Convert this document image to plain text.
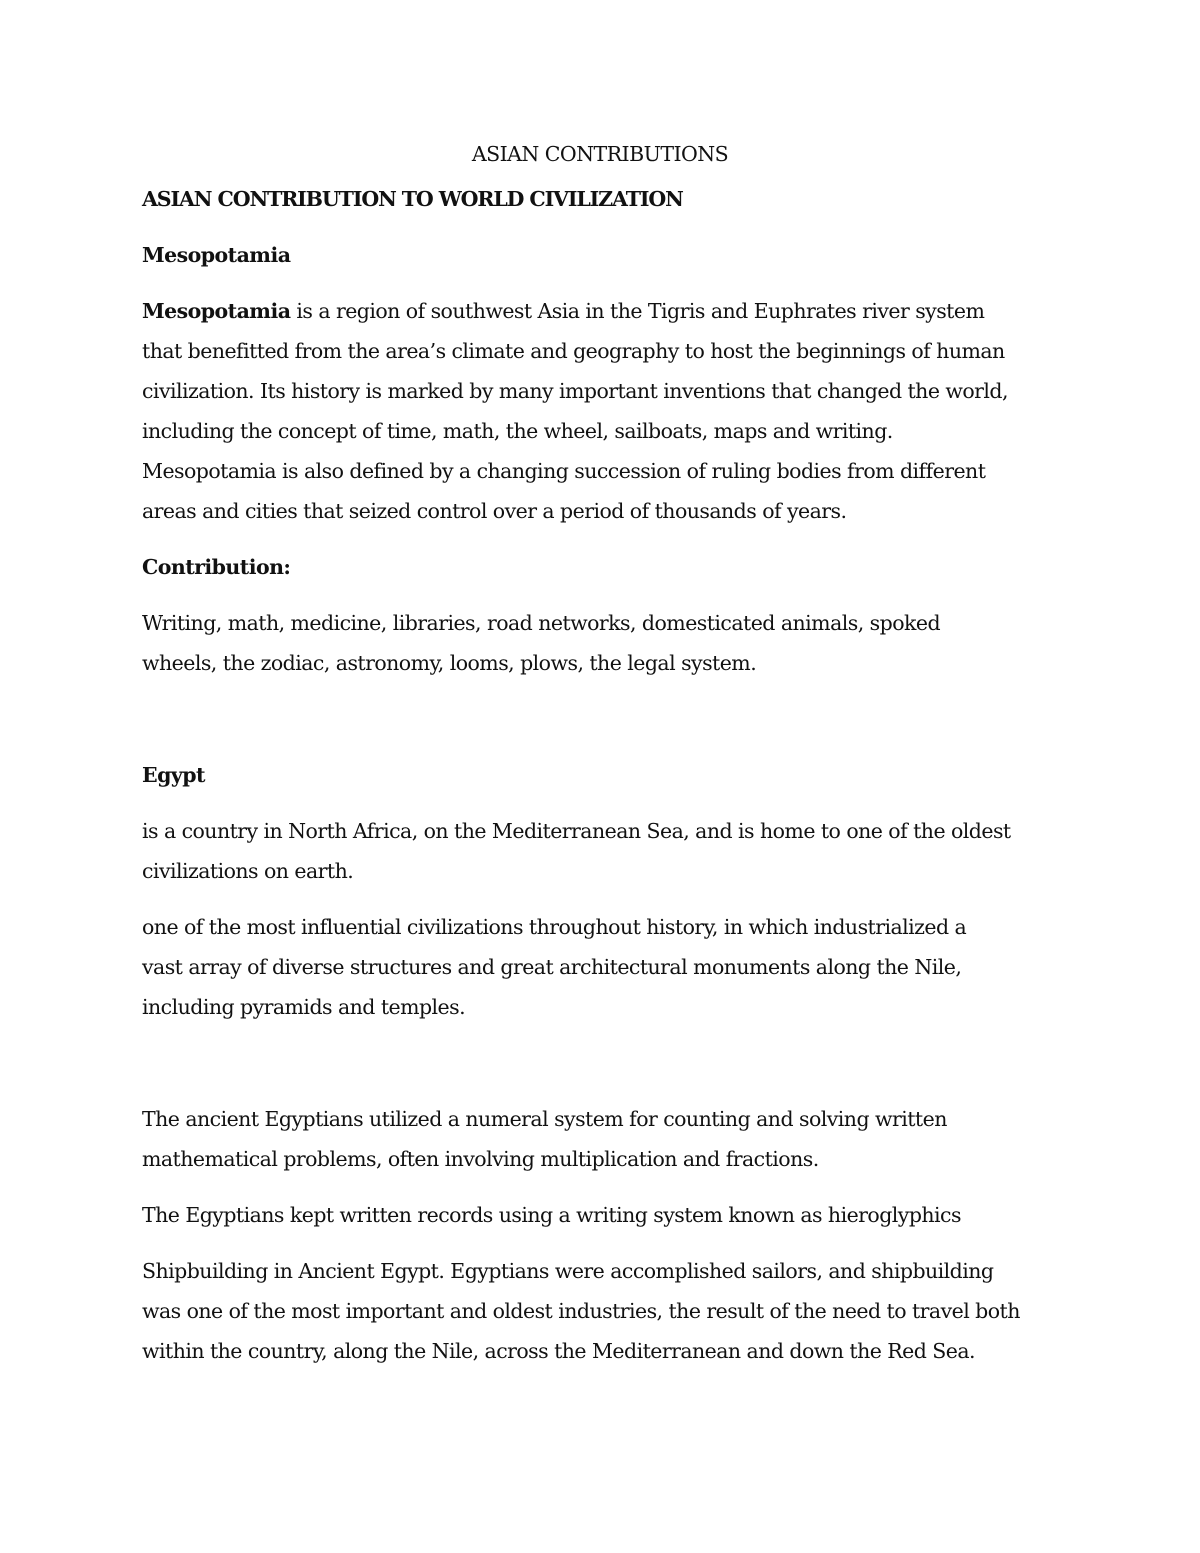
ASIAN CONTRIBUTIONS
ASIAN CONTRIBUTION TO WORLD CIVILIZATION
Mesopotamia
Mesopotamia is a region of southwest Asia in the Tigris and Euphrates river system
that benefitted from the area’s climate and geography to host the beginnings of human
civilization. Its history is marked by many important inventions that changed the world,
including the concept of time, math, the wheel, sailboats, maps and writing.
Mesopotamia is also defined by a changing succession of ruling bodies from different
areas and cities that seized control over a period of thousands of years.
Contribution:
Writing, math, medicine, libraries, road networks, domesticated animals, spoked
wheels, the zodiac, astronomy, looms, plows, the legal system.
Egypt
is a country in North Africa, on the Mediterranean Sea, and is home to one of the oldest
civilizations on earth.
one of the most influential civilizations throughout history, in which industrialized a
vast array of diverse structures and great architectural monuments along the Nile,
including pyramids and temples.
The ancient Egyptians utilized a numeral system for counting and solving written
mathematical problems, often involving multiplication and fractions.
The Egyptians kept written records using a writing system known as hieroglyphics
Shipbuilding in Ancient Egypt. Egyptians were accomplished sailors, and shipbuilding
was one of the most important and oldest industries, the result of the need to travel both
within the country, along the Nile, across the Mediterranean and down the Red Sea.
